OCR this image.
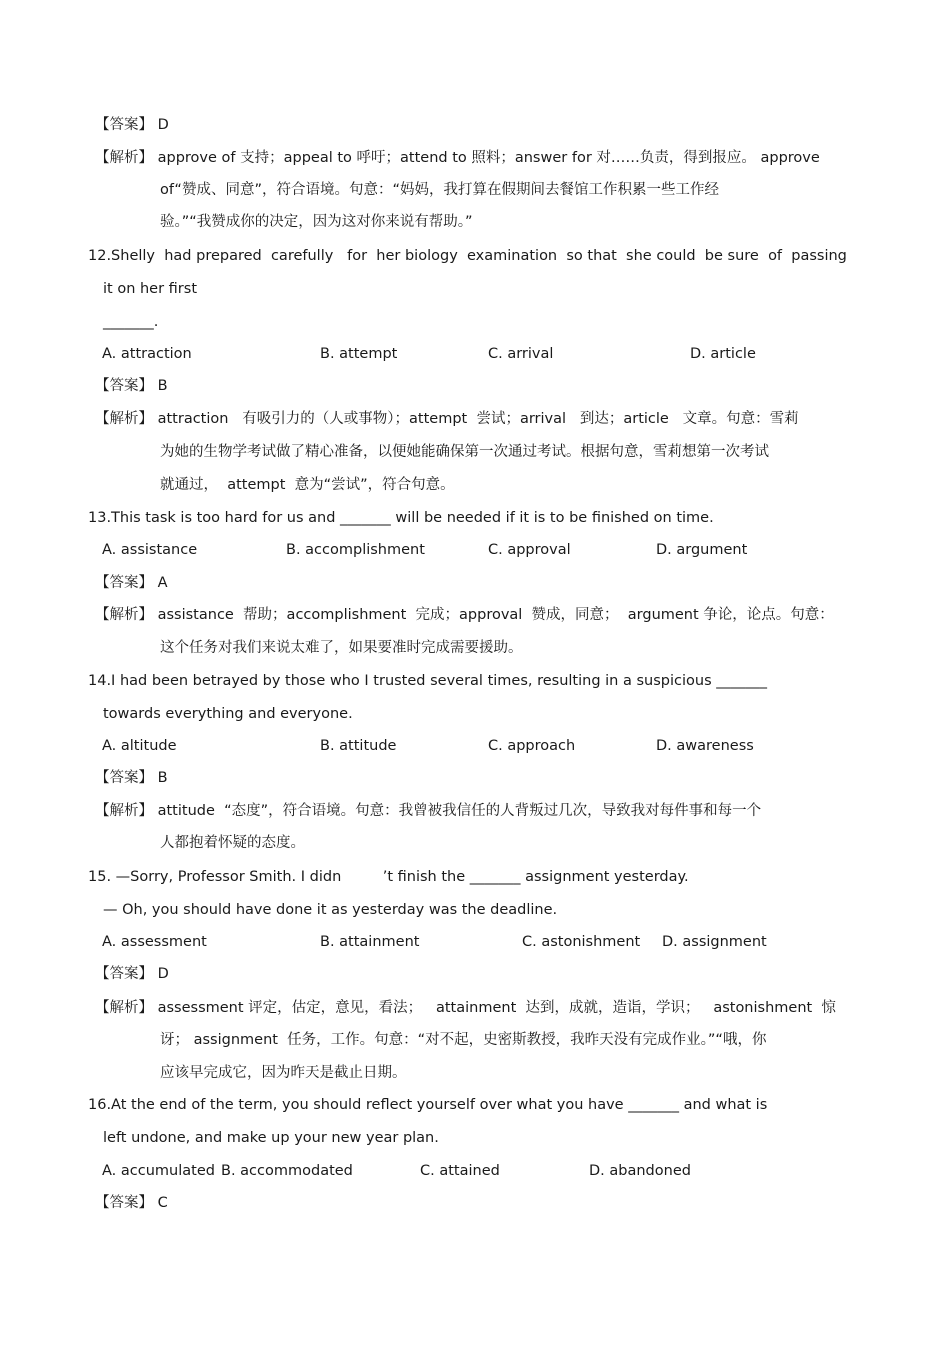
【答案】 D
【解析】 approve of 支持；appeal to 呼吁；attend to 照料；answer for 对……负责，得到报应。 approve
of“赞成、同意”，符合语境。句意：“妈妈，我打算在假期间去餐馆工作积累一些工作经
验。”“我赞成你的决定，因为这对你来说有帮助。”
12.Shelly  had prepared  carefully   for  her biology  examination  so that  she could  be sure  of  passing
it on her first
_______.
A. attraction	B. attempt	C. arrival	D. article
【答案】 B
【解析】 attraction   有吸引力的（人或事物）；attempt  尝试；arrival   到达；article   文章。句意：雪莉
为她的生物学考试做了精心准备，以便她能确保第一次通过考试。根据句意，雪莉想第一次考试
就通过，  attempt  意为“尝试”，符合句意。
13.This task is too hard for us and _______ will be needed if it is to be finished on time.
A. assistance	B. accomplishment	C. approval	D. argument
【答案】 A
【解析】 assistance  帮助；accomplishment  完成；approval  赞成，同意；  argument 争论，论点。句意：
这个任务对我们来说太难了，如果要准时完成需要援助。
14.I had been betrayed by those who I trusted several times, resulting in a suspicious _______
towards everything and everyone.
A. altitude	B. attitude	C. approach	D. awareness
【答案】 B
【解析】 attitude  “态度”，符合语境。句意：我曾被我信任的人背叛过几次，导致我对每件事和每一个
人都抱着怀疑的态度。
15. —Sorry, Professor Smith. I didn         ’t finish the _______ assignment yesterday.
— Oh, you should have done it as yesterday was the deadline.
A. assessment	B. attainment	C. astonishment D. assignment
【答案】 D
【解析】 assessment 评定，估定，意见，看法；   attainment  达到，成就，造诣，学识；   astonishment  惊
讶； assignment  任务，工作。句意：“对不起，史密斯教授，我昨天没有完成作业。”“哦，你
应该早完成它，因为昨天是截止日期。
16.At the end of the term, you should reflect yourself over what you have _______ and what is
left undone, and make up your new year plan.
A. accumulated B. accommodated	C. attained	D. abandoned
【答案】 C
